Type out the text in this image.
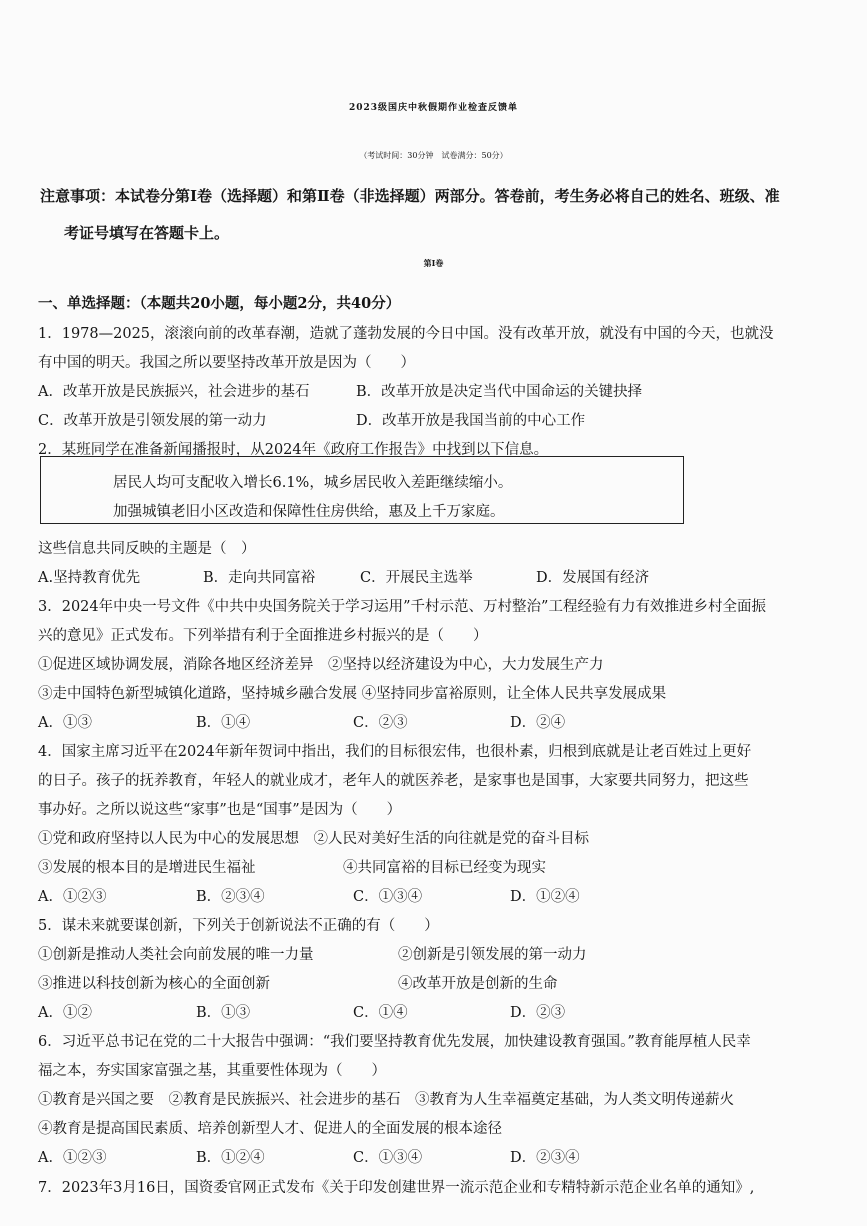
2023级国庆中秋假期作业检查反馈单
（考试时间：30分钟　试卷满分：50分）
注意事项：本试卷分第Ⅰ卷（选择题）和第Ⅱ卷（非选择题）两部分。答卷前，考生务必将自己的姓名、班级、准
考证号填写在答题卡上。
第Ⅰ卷
一、单选择题：（本题共20小题，每小题2分，共40分）
1．1978—2025，滚滚向前的改革春潮，造就了蓬勃发展的今日中国。没有改革开放，就没有中国的今天，也就没
有中国的明天。我国之所以要坚持改革开放是因为（　　）
A．改革开放是民族振兴，社会进步的基石	B．改革开放是决定当代中国命运的关键抉择
C．改革开放是引领发展的第一动力	D．改革开放是我国当前的中心工作
2．某班同学在准备新闻播报时，从2024年《政府工作报告》中找到以下信息。
居民人均可支配收入增长6.1%，城乡居民收入差距继续缩小。
加强城镇老旧小区改造和保障性住房供给，惠及上千万家庭。
这些信息共同反映的主题是（　）
A.坚持教育优先	B．走向共同富裕	C．开展民主选举	D．发展国有经济
3．2024年中央一号文件《中共中央国务院关于学习运用”千村示范、万村整治”工程经验有力有效推进乡村全面振
兴的意见》正式发布。下列举措有利于全面推进乡村振兴的是（　　）
①促进区域协调发展，消除各地区经济差异　②坚持以经济建设为中心，大力发展生产力
③走中国特色新型城镇化道路，坚持城乡融合发展 ④坚持同步富裕原则，让全体人民共享发展成果
A．①③	B．①④	C．②③	D．②④
4．国家主席习近平在2024年新年贺词中指出，我们的目标很宏伟，也很朴素，归根到底就是让老百姓过上更好
的日子。孩子的抚养教育，年轻人的就业成才，老年人的就医养老，是家事也是国事，大家要共同努力，把这些
事办好。之所以说这些“家事”也是“国事”是因为（　　）
①党和政府坚持以人民为中心的发展思想　②人民对美好生活的向往就是党的奋斗目标
③发展的根本目的是增进民生福祉	④共同富裕的目标已经变为现实
A．①②③	B．②③④	C．①③④	D．①②④
5．谋未来就要谋创新，下列关于创新说法不正确的有（　　）
①创新是推动人类社会向前发展的唯一力量	②创新是引领发展的第一动力
③推进以科技创新为核心的全面创新	④改革开放是创新的生命
A．①②	B．①③	C．①④	D．②③
6．习近平总书记在党的二十大报告中强调：“我们要坚持教育优先发展，加快建设教育强国。”教育能厚植人民幸
福之本，夯实国家富强之基，其重要性体现为（　　）
①教育是兴国之要　②教育是民族振兴、社会进步的基石　③教育为人生幸福奠定基础，为人类文明传递薪火
④教育是提高国民素质、培养创新型人才、促进人的全面发展的根本途径
A．①②③	B．①②④	C．①③④	D．②③④
7．2023年3月16日，国资委官网正式发布《关于印发创建世界一流示范企业和专精特新示范企业名单的通知》,
